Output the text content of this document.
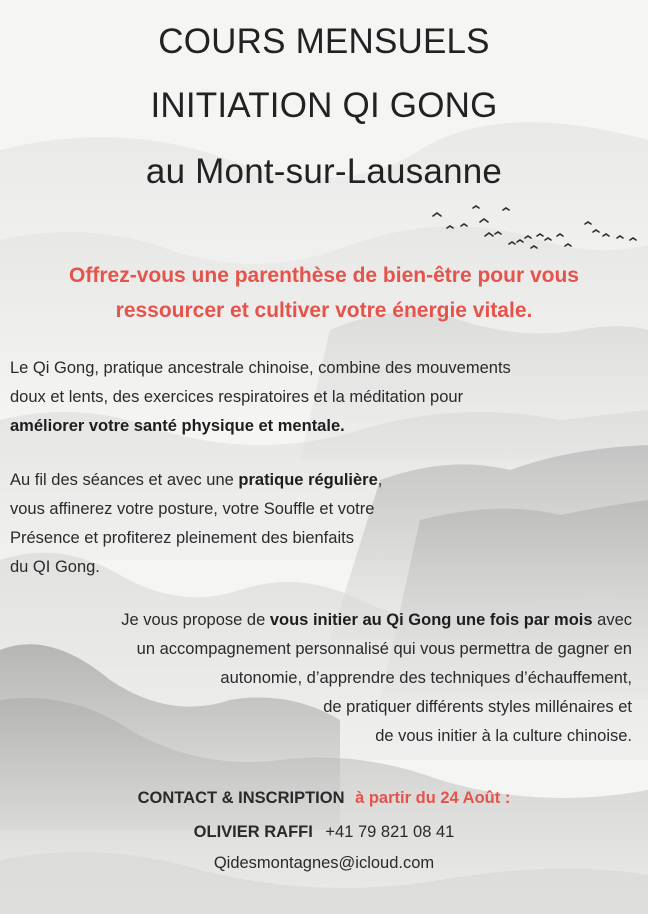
COURS MENSUELS
INITIATION QI GONG
au Mont-sur-Lausanne
Offrez-vous une parenthèse de bien-être pour vous
ressourcer et cultiver votre énergie vitale.
Le Qi Gong, pratique ancestrale chinoise, combine des mouvements
doux et lents, des exercices respiratoires et la méditation pour
améliorer votre santé physique et mentale.
Au fil des séances et avec une pratique régulière,
vous affinerez votre posture, votre Souffle et votre
Présence et profiterez pleinement des bienfaits
du QI Gong.
Je vous propose de vous initier au Qi Gong une fois par mois avec
un accompagnement personnalisé qui vous permettra de gagner en
autonomie, d’apprendre des techniques d’échauffement,
de pratiquer différents styles millénaires et
de vous initier à la culture chinoise.
CONTACT & INSCRIPTION à partir du 24 Août :
OLIVIER RAFFI +41 79 821 08 41
Qidesmontagnes@icloud.com
